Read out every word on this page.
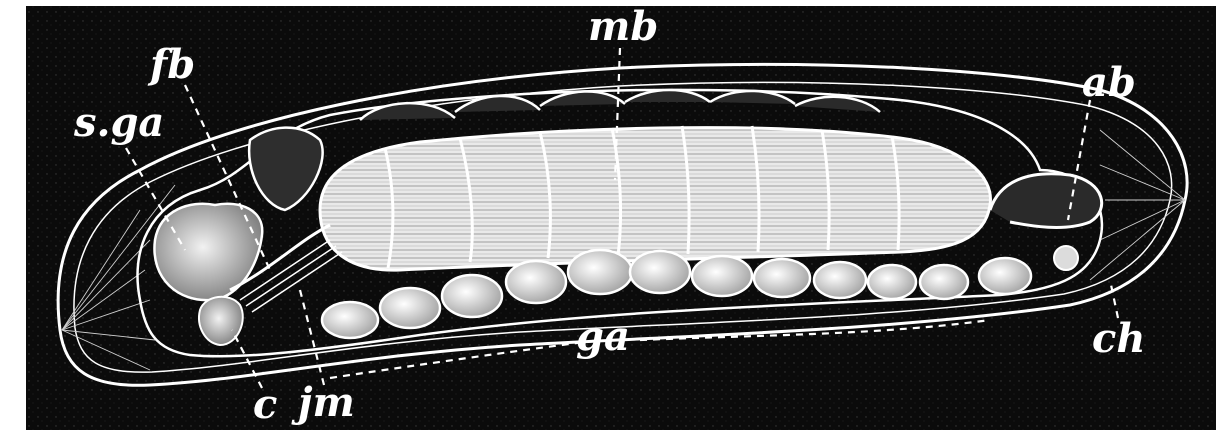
s.ga
fb
mb
ab
ga	ch
c jm
